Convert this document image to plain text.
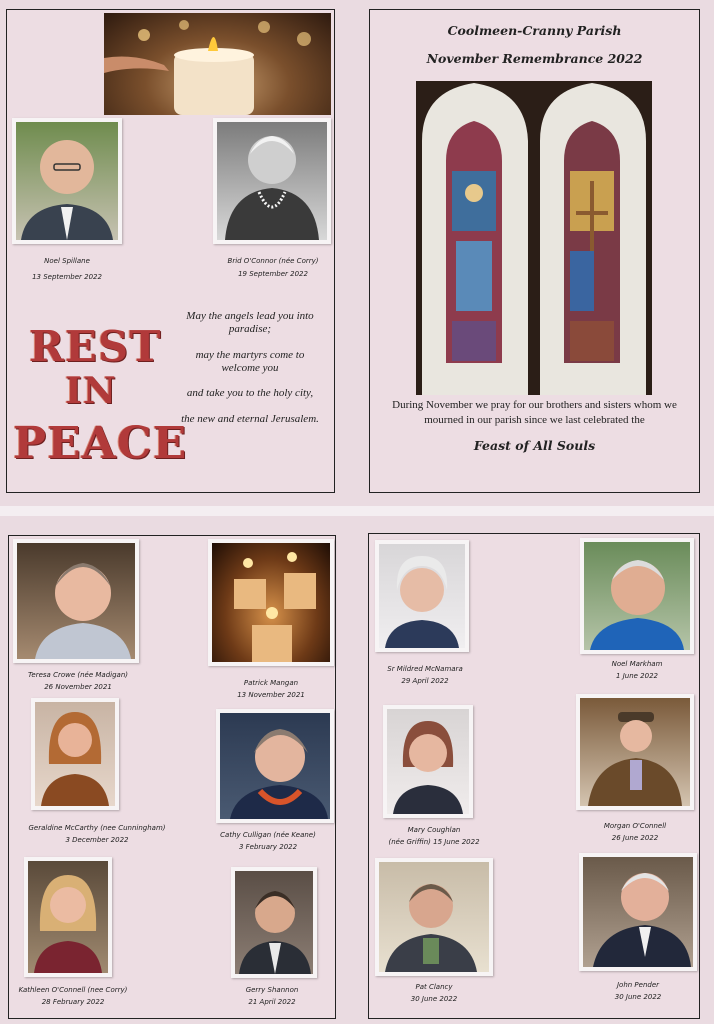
Noel Spillane
13 September 2022
Brid O'Connor (née Corry)
19 September 2022
REST
IN
PEACE
May the angels lead you into paradise;
may the martyrs come to welcome you
and take you to the holy city,
the new and eternal Jerusalem.
Coolmeen-Cranny Parish
November Remembrance 2022
During November we pray for our brothers and sisters whom we mourned in our parish since we last celebrated the
Feast of All Souls
Teresa Crowe (née Madigan)
26 November 2021	Patrick Mangan
13 November 2021
Geraldine McCarthy (nee Cunningham)
3 December 2022
Cathy Culligan (née Keane)
3 February 2022
Kathleen O'Connell (nee Corry)
28 February 2022
Gerry Shannon
21 April 2022
Sr Mildred McNamara
29 April 2022
Noel Markham
1 June 2022
Mary Coughlan
(née Griffin) 15 June 2022
Morgan O'Connell
26 June 2022
Pat Clancy
30 June 2022
John Pender
30 June 2022
